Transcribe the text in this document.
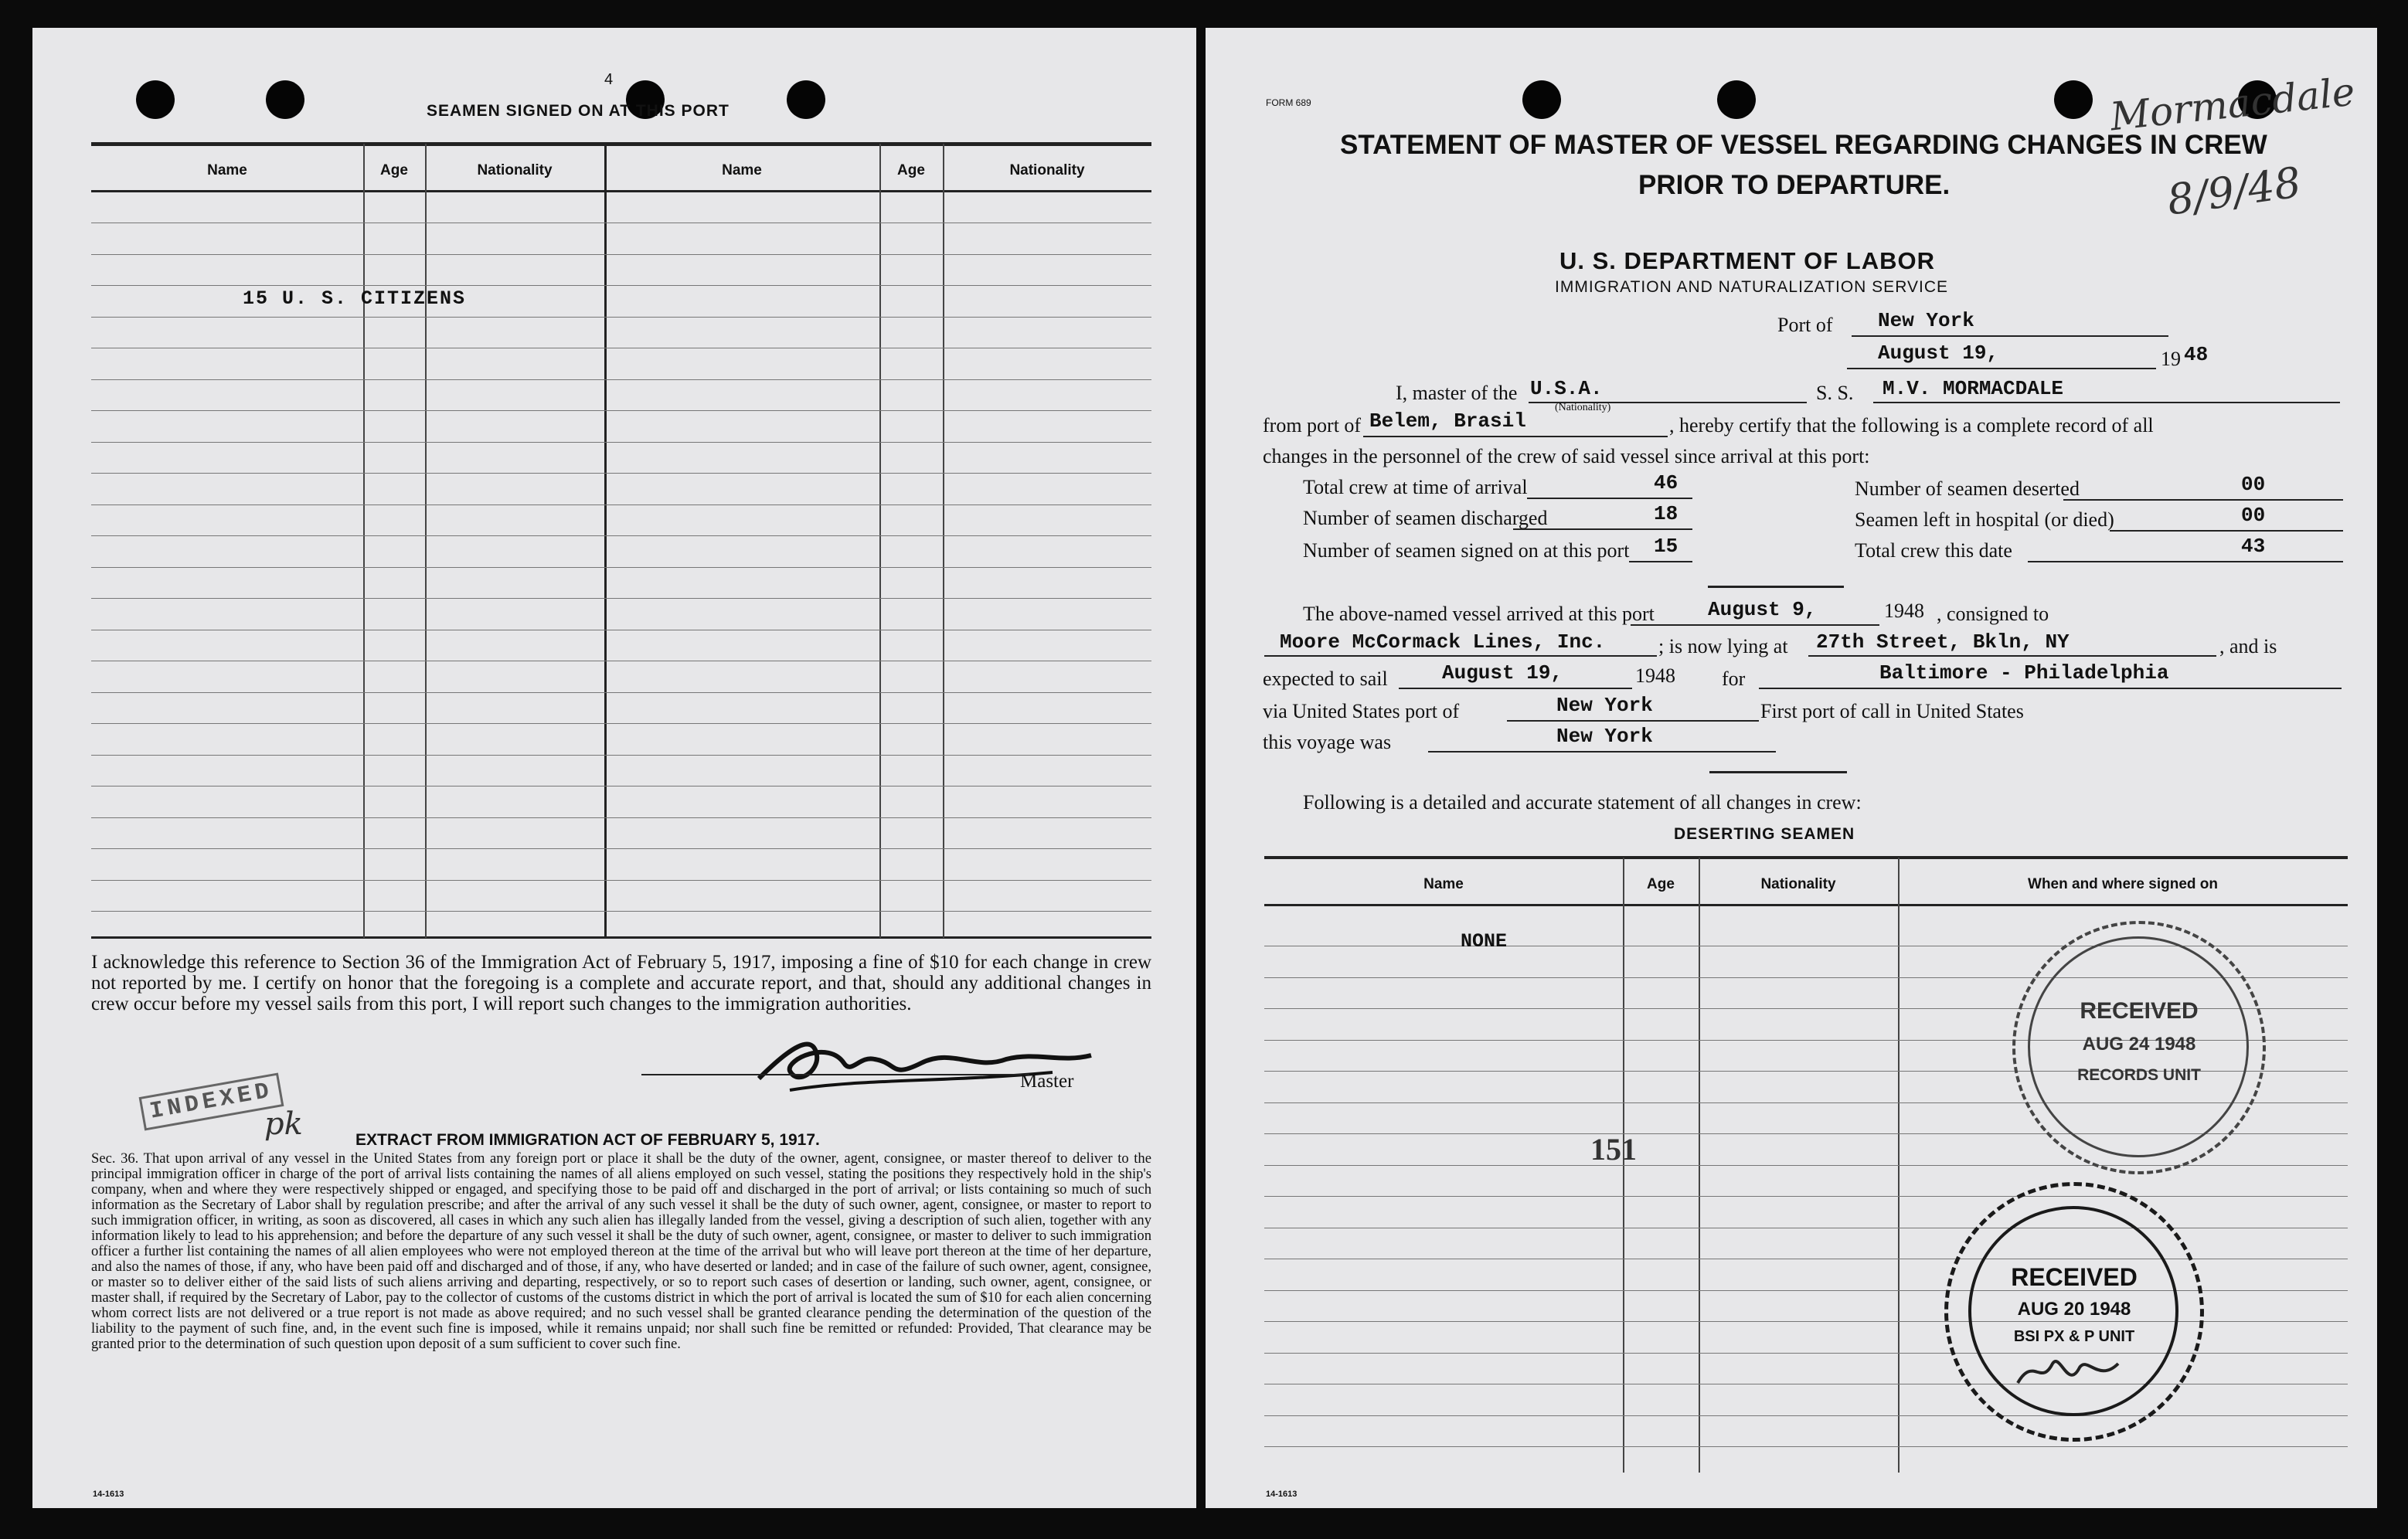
4
SEAMEN SIGNED ON AT THIS PORT
Name	Age	Nationality	Name	Age	Nationality
15 U. S. CITIZENS
I acknowledge this reference to Section 36 of the Immigration Act of February 5, 1917, imposing a fine of $10 for each change in crew not reported by me. I certify on honor that the foregoing is a complete and accurate report, and that, should any additional changes in crew occur before my vessel sails from this port, I will report such changes to the immigration authorities.
Master
INDEXED
pk	EXTRACT FROM IMMIGRATION ACT OF FEBRUARY 5, 1917.
Sec. 36. That upon arrival of any vessel in the United States from any foreign port or place it shall be the duty of the owner, agent, consignee, or master thereof to deliver to the principal immigration officer in charge of the port of arrival lists containing the names of all aliens employed on such vessel, stating the positions they respectively hold in the ship's company, when and where they were respectively shipped or engaged, and specifying those to be paid off and discharged in the port of arrival; or lists containing so much of such information as the Secretary of Labor shall by regulation prescribe; and after the arrival of any such vessel it shall be the duty of such owner, agent, consignee, or master to report to such immigration officer, in writing, as soon as discovered, all cases in which any such alien has illegally landed from the vessel, giving a description of such alien, together with any information likely to lead to his apprehension; and before the departure of any such vessel it shall be the duty of such owner, agent, consignee, or master to deliver to such immigration officer a further list containing the names of all alien employees who were not employed thereon at the time of the arrival but who will leave port thereon at the time of her departure, and also the names of those, if any, who have been paid off and discharged and of those, if any, who have deserted or landed; and in case of the failure of such owner, agent, consignee, or master so to deliver either of the said lists of such aliens arriving and departing, respectively, or so to report such cases of desertion or landing, such owner, agent, consignee, or master shall, if required by the Secretary of Labor, pay to the collector of customs of the customs district in which the port of arrival is located the sum of $10 for each alien concerning whom correct lists are not delivered or a true report is not made as above required; and no such vessel shall be granted clearance pending the determination of the question of the liability to the payment of such fine, and, in the event such fine is imposed, while it remains unpaid; nor shall such fine be remitted or refunded: Provided, That clearance may be granted prior to the determination of such question upon deposit of a sum sufficient to cover such fine.
14-1613
FORM 689
STATEMENT OF MASTER OF VESSEL REGARDING CHANGES IN CREW
PRIOR TO DEPARTURE.
Mormacdale
8/9/48
U. S. DEPARTMENT OF LABOR
IMMIGRATION AND NATURALIZATION SERVICE
Port of New York
August 19,	19 48
I, master of the U.S.A.
(Nationality)
S. S. M.V. MORMACDALE
from port of Belem, Brasil	, hereby certify that the following is a complete record of all
changes in the personnel of the crew of said vessel since arrival at this port:
Total crew at time of arrival	46
Number of seamen discharged	18
Number of seamen signed on at this port 15
Number of seamen deserted	00
Seamen left in hospital (or died)	00
Total crew this date	43
The above-named vessel arrived at this port	August 9,	1948 , consigned to
Moore McCormack Lines, Inc.	; is now lying at 27th Street, Bkln, NY	, and is
expected to sail	August 19,	1948 for	Baltimore - Philadelphia
via United States port of	New York	First port of call in United States
this voyage was	New York
Following is a detailed and accurate statement of all changes in crew:
DESERTING SEAMEN
Name	Age	Nationality	When and where signed on
NONE
151
RECEIVED
AUG 24 1948
RECORDS UNIT
RECEIVED
AUG 20 1948
BSI PX & P UNIT
14-1613
